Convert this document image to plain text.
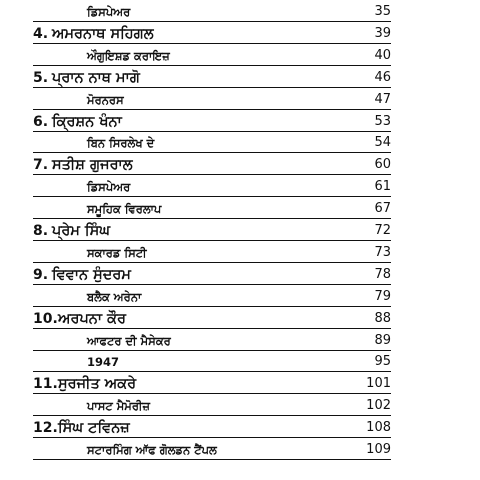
ਡਿਸਪੇਅਰ	35
4. ਅਮਰਨਾਥ ਸਹਿਗਲ	39
ਔਗੁਇਸ਼ਡ ਕਰਾਇਜ਼	40
5. ਪ੍ਰਾਨ ਨਾਥ ਮਾਗੋ	46
ਮੋਰਨਰਸ	47
6. ਕ੍ਰਿਸ਼ਨ ਖੰਨਾ	53
ਬਿਨ ਸਿਰਲੇਖ ਦੇ	54
7. ਸਤੀਸ਼ ਗੁਜਰਾਲ	60
ਡਿਸਪੇਅਰ	61
ਸਮੂਹਿਕ ਵਿਰਲਾਪ	67
8. ਪ੍ਰੇਮ ਸਿੰਘ	72
ਸਕਾਰਡ ਸਿਟੀ	73
9. ਵਿਵਾਨ ਸੁੰਦਰਮ	78
ਬਲੈਕ ਅਰੇਨਾ	79
10. ਅਰਪਨਾ ਕੌਰ	88
ਆਫਟਰ ਦੀ ਮੈਸੇਕਰ	89
1947	95
11. ਸੁਰਜੀਤ ਅਕਰੇ	101
ਪਾਸਟ ਮੈਮੋਰੀਜ਼	102
12. ਸਿੰਘ ਟਵਿਨਜ਼	108
ਸਟਾਰਮਿੰਗ ਆੱਫ ਗੋਲਡਨ ਟੈਂਪਲ	109
